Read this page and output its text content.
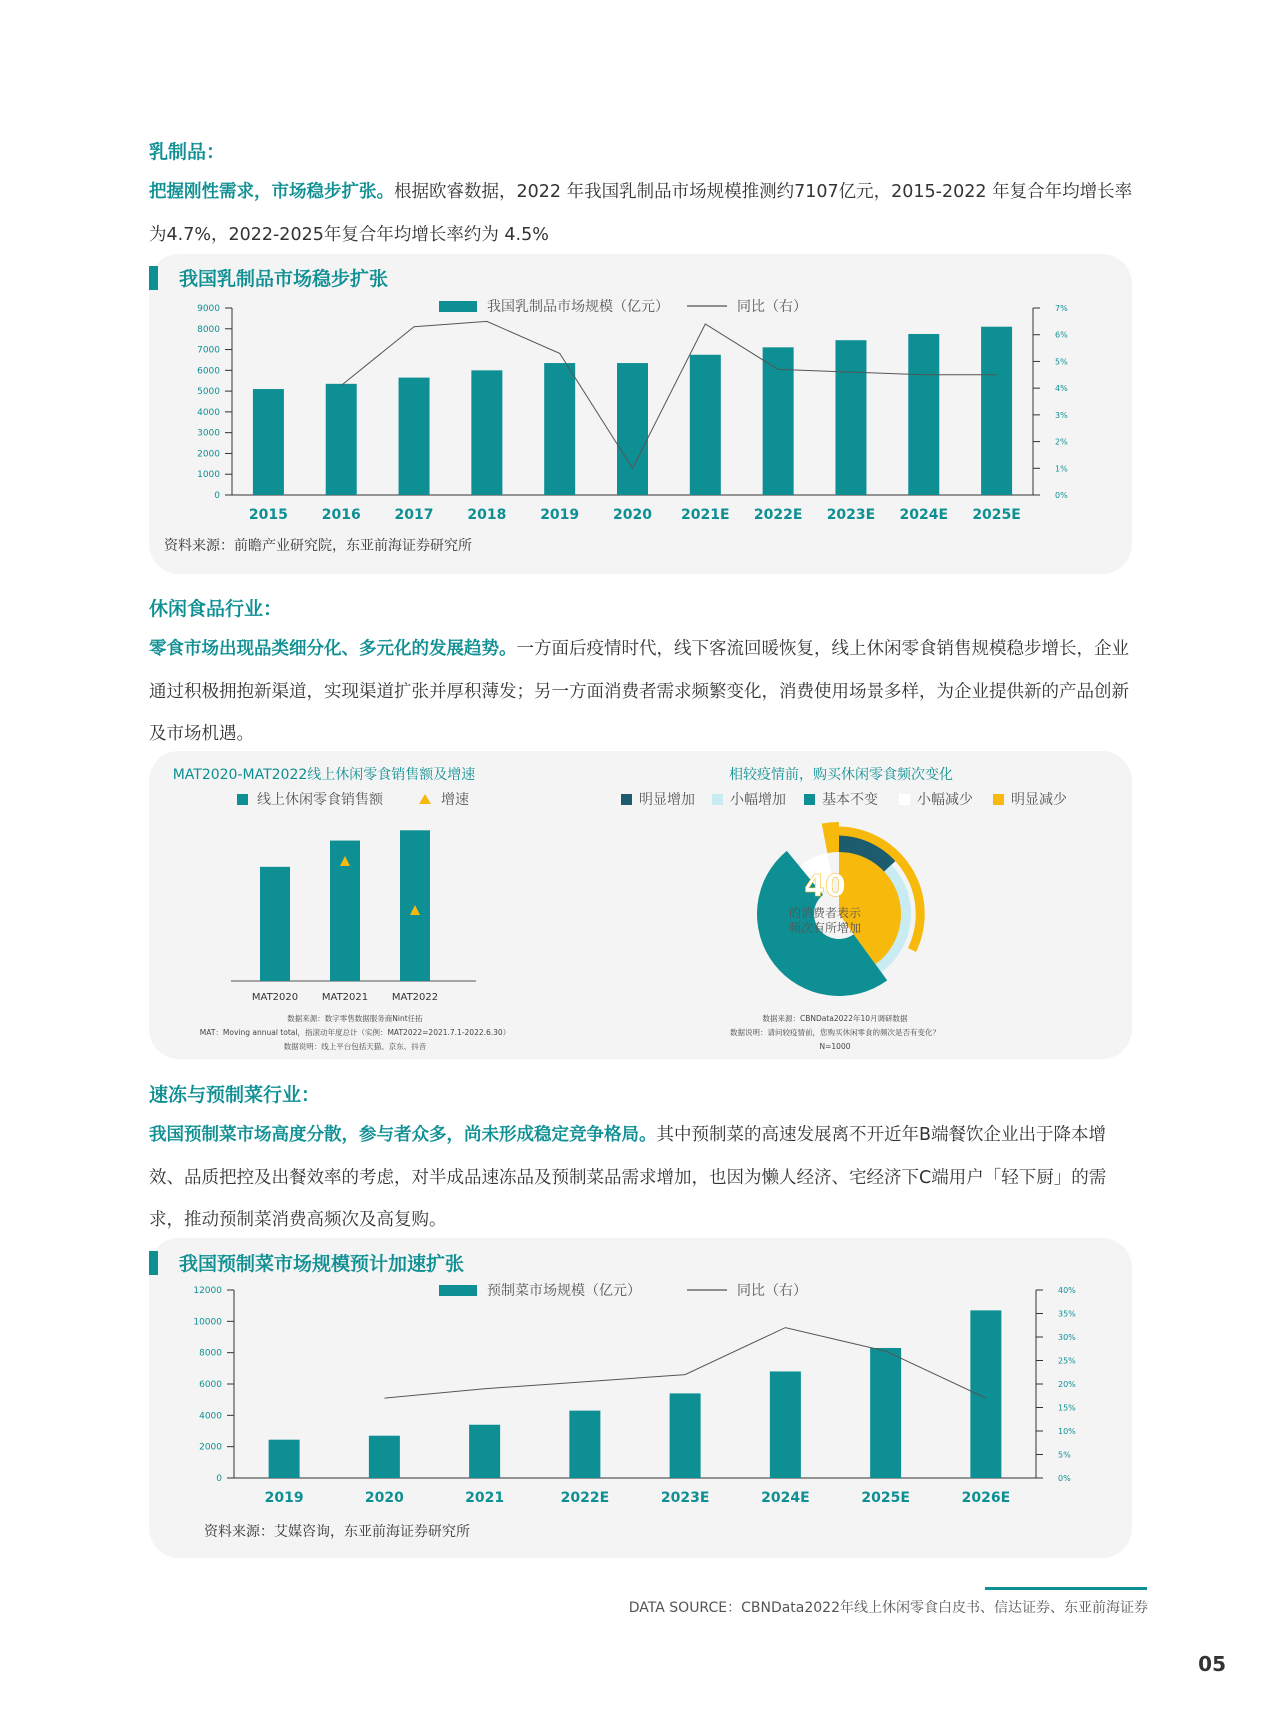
乳制品：

把握刚性需求，市场稳步扩张。根据欧睿数据，2022 年我国乳制品市场规模推测约7107亿元，2015-2022 年复合年均增长率为4.7%，2022-2025年复合年均增长率约为 4.5%

我国乳制品市场稳步扩张
0
1000
2000
3000
4000
5000
6000
7000
8000
9000
0%
1%
2%
3%
4%
5%
6%
7%
2015 2016 2017 2018 2019 2020 2021E 2022E 2023E 2024E 2025E
我国乳制品市场规模（亿元）	同比（右）
资料来源：前瞻产业研究院，东亚前海证券研究所
休闲食品行业：

零食市场出现品类细分化、多元化的发展趋势。一方面后疫情时代，线下客流回暖恢复，线上休闲零食销售规模稳步增长，企业通过积极拥抱新渠道，实现渠道扩张并厚积薄发；另一方面消费者需求频繁变化，消费使用场景多样，为企业提供新的产品创新及市场机遇。

MAT2020-MAT2022线上休闲零食销售额及增速
线上休闲零食销售额	增速
MAT2020 MAT2021 MAT2022
数据来源：数字零售数据服务商Nint任拓
MAT：Moving annual total，指滚动年度总计（实例：MAT2022=2021.7.1-2022.6.30）
数据说明：线上平台包括天猫、京东、抖音
相较疫情前，购买休闲零食频次变化
明显增加	小幅增加	基本不变	小幅减少	明显减少
40
的消费者表示
频次有所增加
数据来源：CBNData2022年10月调研数据
数据说明：请问较疫情前，您购买休闲零食的频次是否有变化？
N=1000
速冻与预制菜行业：

我国预制菜市场高度分散，参与者众多，尚未形成稳定竞争格局。其中预制菜的高速发展离不开近年B端餐饮企业出于降本增效、品质把控及出餐效率的考虑，对半成品速冻品及预制菜品需求增加，也因为懒人经济、宅经济下C端用户「轻下厨」的需求，推动预制菜消费高频次及高复购。

我国预制菜市场规模预计加速扩张
0
2000
4000
6000
8000
10000
12000
0%
5%
10%
15%
20%
25%
30%
35%
40%
2019	2020	2021	2022E	2023E	2024E	2025E	2026E
预制菜市场规模（亿元）	同比（右）
资料来源：艾媒咨询，东亚前海证券研究所
DATA SOURCE：CBNData2022年线上休闲零食白皮书、信达证券、东亚前海证券
05
